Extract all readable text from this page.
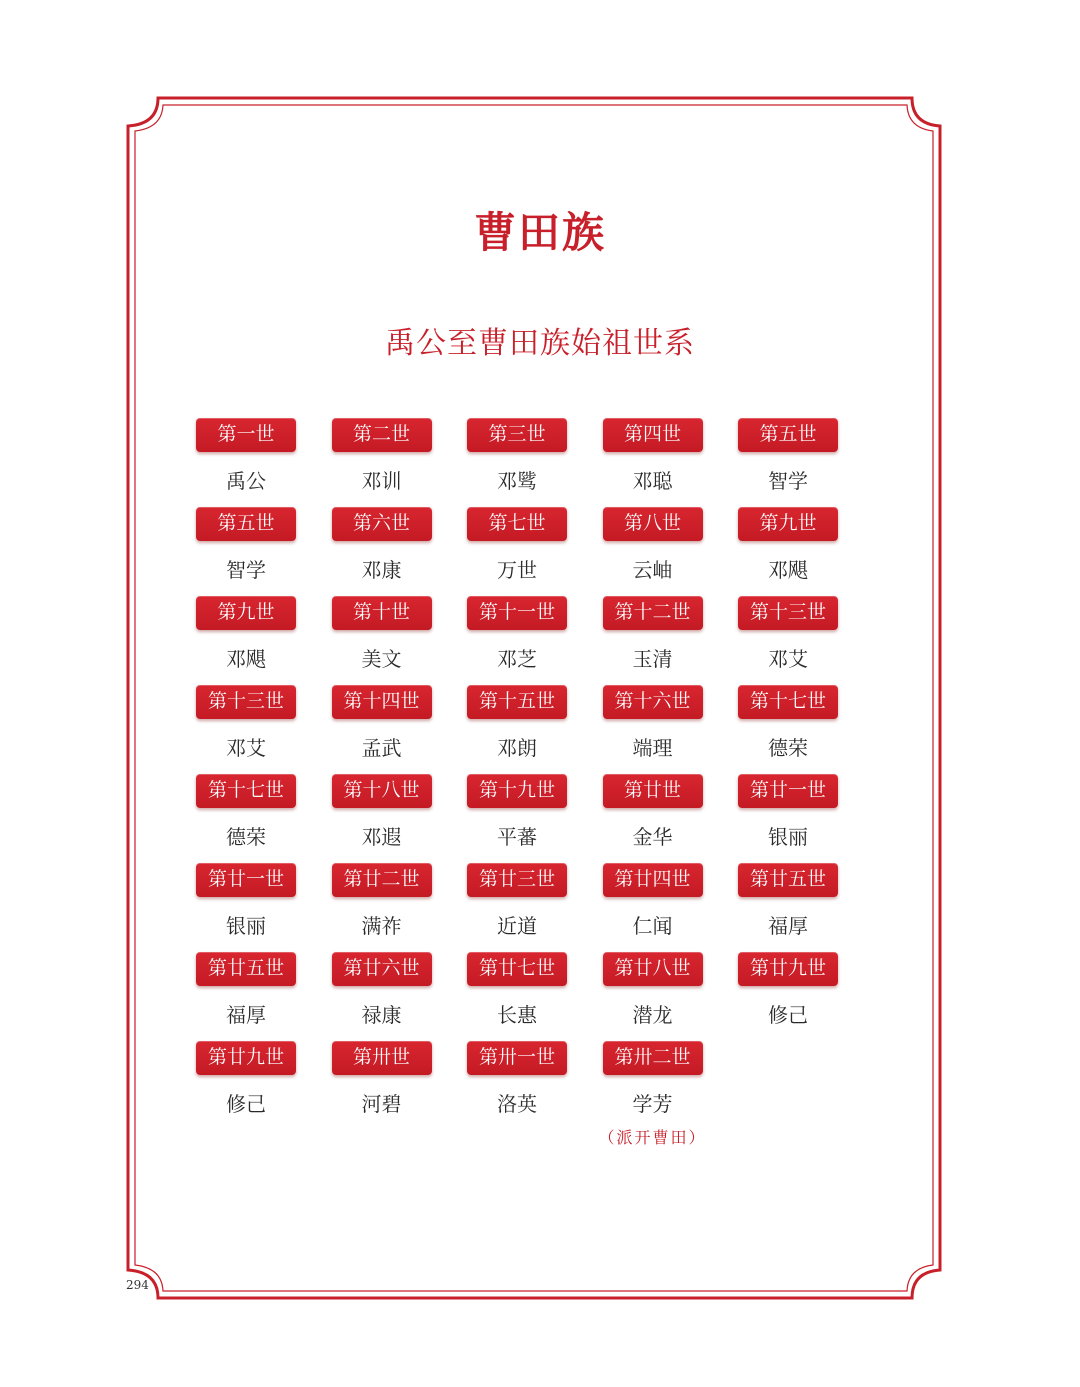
曹田族
禹公至曹田族始祖世系
第一世
禹公
第二世
邓训
第三世
邓骘
第四世
邓聪
第五世
智学
第五世
智学
第六世
邓康
第七世
万世
第八世
云岫
第九世
邓飓
第九世
邓飓
第十世
美文
第十一世
邓芝
第十二世
玉清
第十三世
邓艾
第十三世
邓艾
第十四世
孟武
第十五世
邓朗
第十六世
端理
第十七世
德荣
第十七世
德荣
第十八世
邓遐
第十九世
平蕃
第廿世
金华
第廿一世
银丽
第廿一世
银丽
第廿二世
满祚
第廿三世
近道
第廿四世
仁闻
第廿五世
福厚
第廿五世
福厚
第廿六世
禄康
第廿七世
长惠
第廿八世
潜龙
第廿九世
修己
第廿九世
修己
第卅世
河碧
第卅一世
洛英
第卅二世
学芳
（派开曹田）
294
